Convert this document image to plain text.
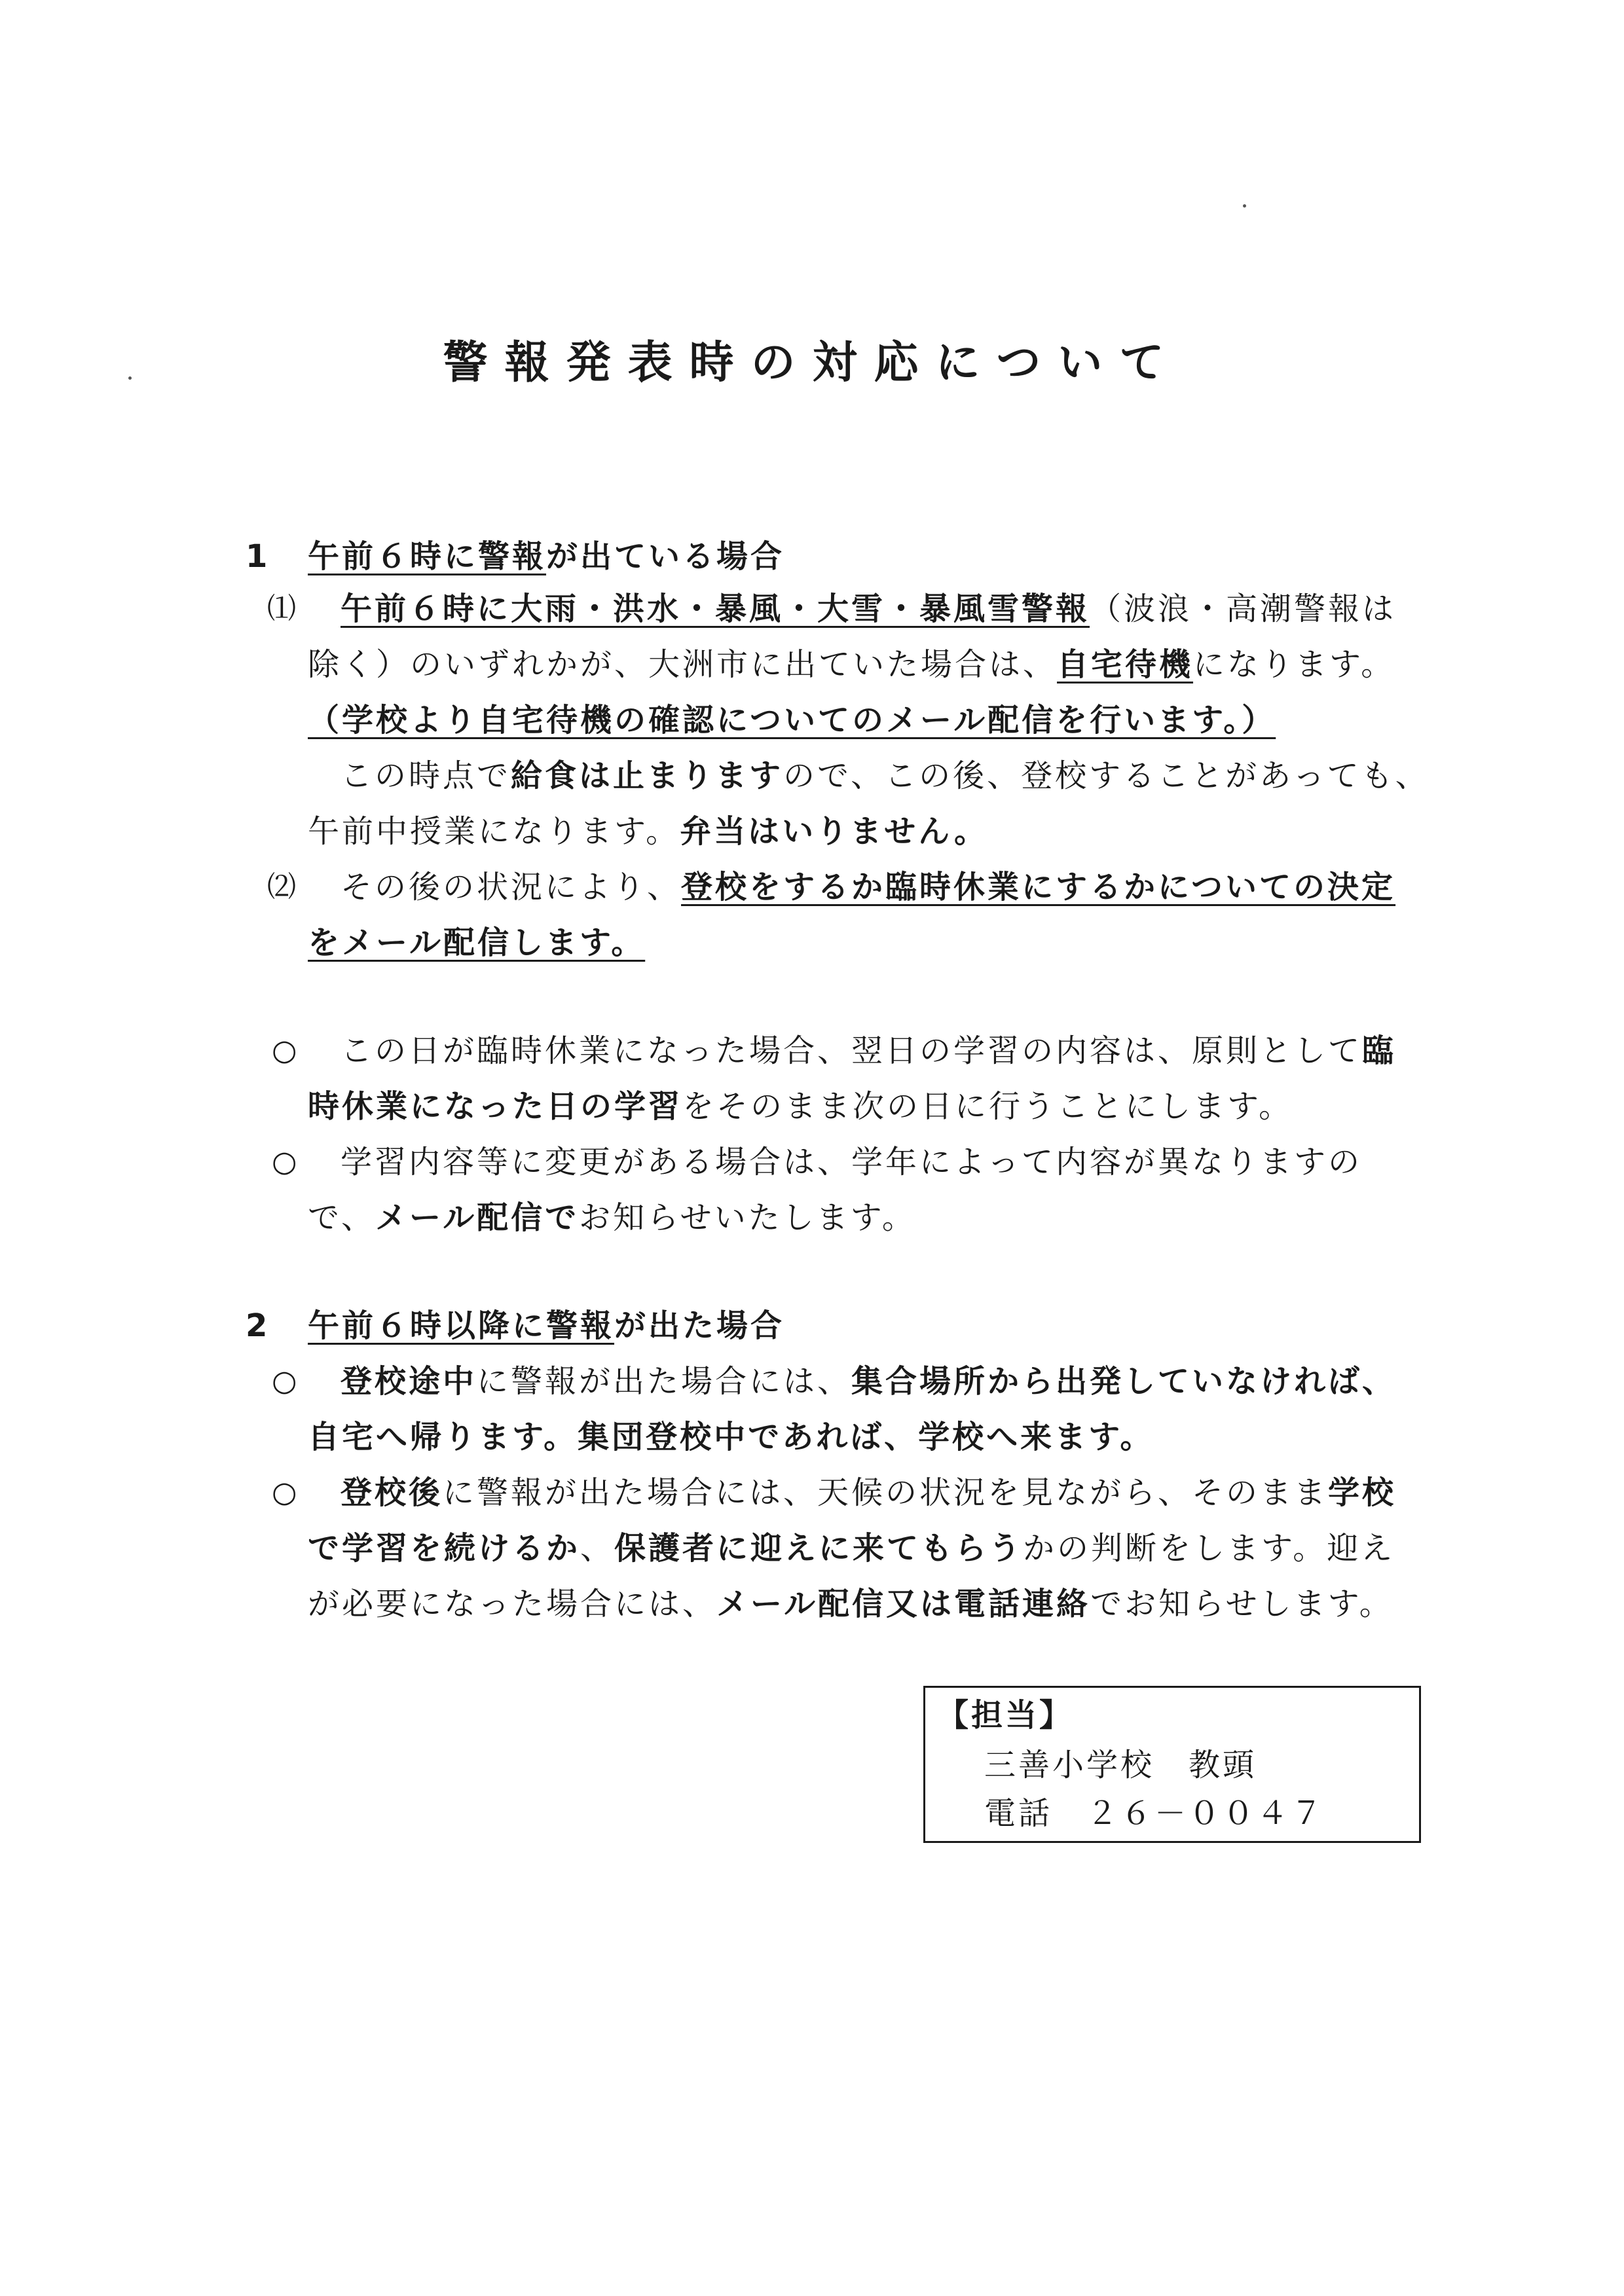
警報発表時の対応について
1 午前６時に警報が出ている場合
⑴ 午前６時に大雨・洪水・暴風・大雪・暴風雪警報（波浪・高潮警報は
除く）のいずれかが、大洲市に出ていた場合は、自宅待機になります。
（学校より自宅待機の確認についてのメール配信を行います。）
この時点で給食は止まりますので、この後、登校することがあっても、
午前中授業になります。弁当はいりません。
⑵ その後の状況により、登校をするか臨時休業にするかについての決定
をメール配信します。
○ この日が臨時休業になった場合、翌日の学習の内容は、原則として臨
時休業になった日の学習をそのまま次の日に行うことにします。
○ 学習内容等に変更がある場合は、学年によって内容が異なりますの
で、メール配信でお知らせいたします。
2 午前６時以降に警報が出た場合
○ 登校途中に警報が出た場合には、集合場所から出発していなければ、
自宅へ帰ります。集団登校中であれば、学校へ来ます。
○ 登校後に警報が出た場合には、天候の状況を見ながら、そのまま学校
で学習を続けるか、保護者に迎えに来てもらうかの判断をします。迎え
が必要になった場合には、メール配信又は電話連絡でお知らせします。
【担当】
三善小学校　教頭
電話　２６－００４７
